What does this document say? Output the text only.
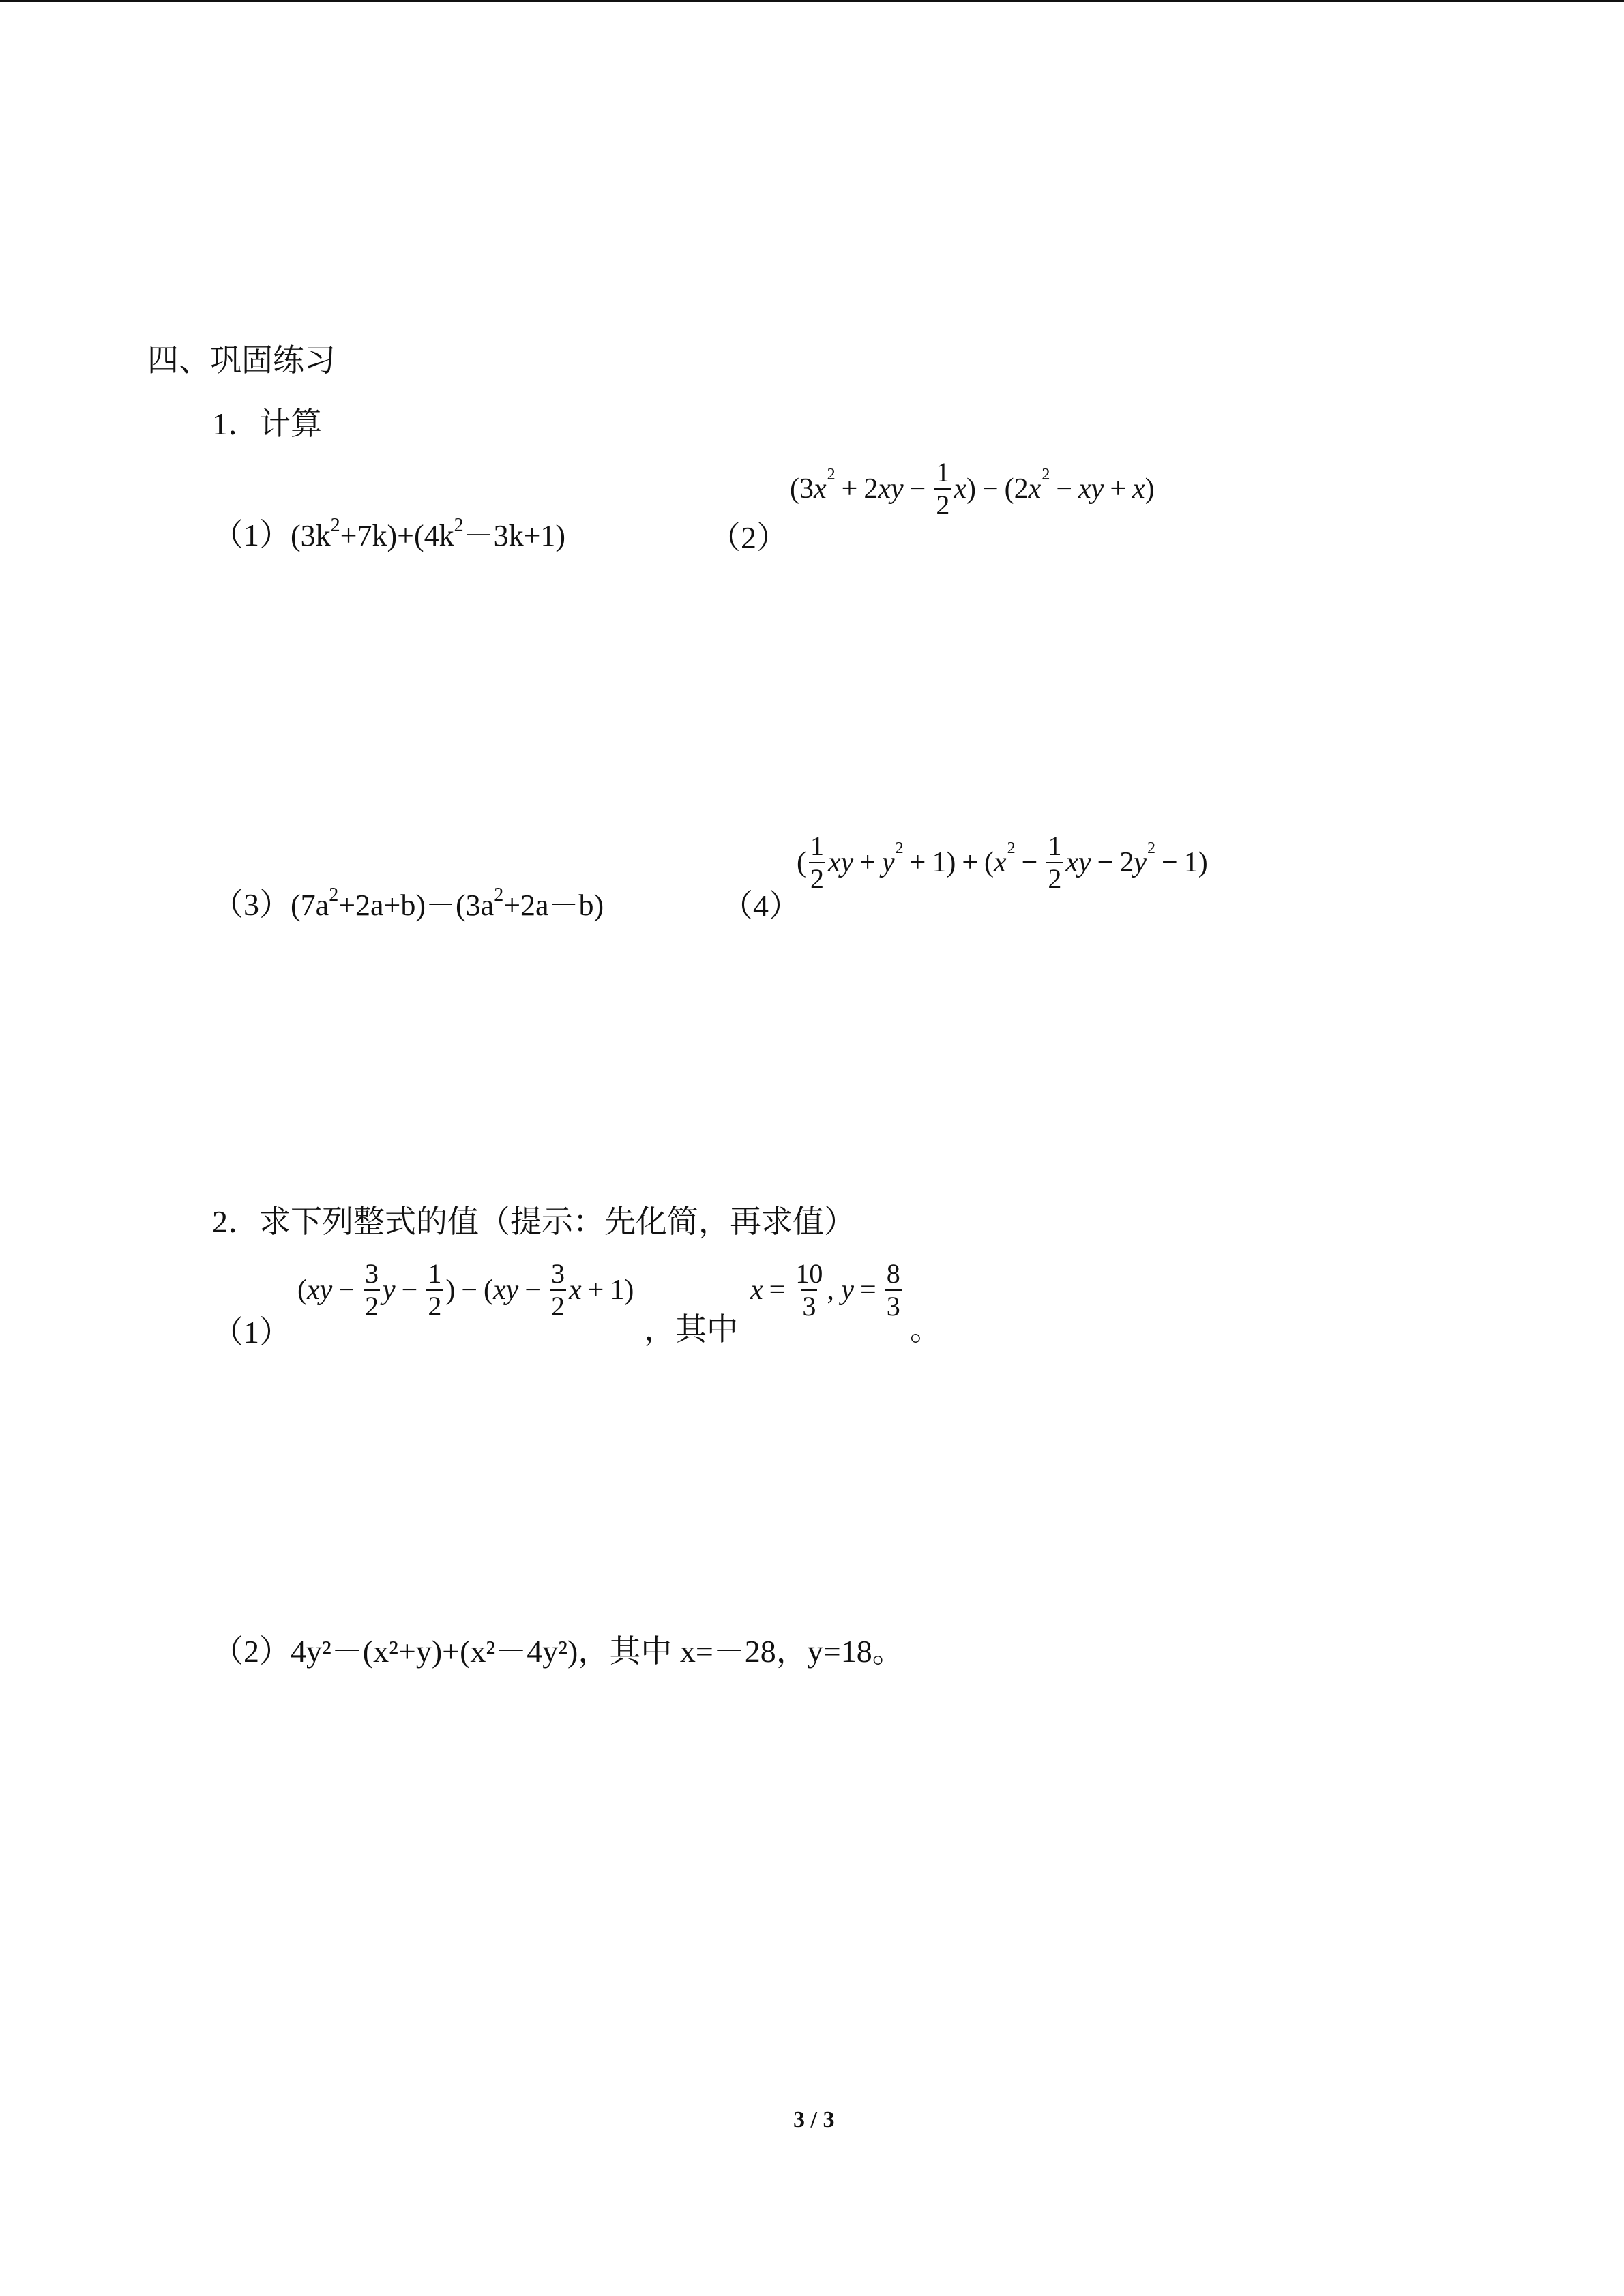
四、巩固练习
1．计算
$(1)(3k^2+7k)+(4k^2-3k+1)$	（2）
(3 x 2 + 2 xy − $\frac{1}{2}$ x ) − (2 x 2 − xy + x )
$(3)(7a^2+2a+b)-(3a^2+2a-b)$	（4）
( $\frac{1}{2}$ xy + y 2 + 1) + ( x $2 - \frac{1}{2}$ xy − 2 y 2 − 1)
2．求下列整式的值（提示：先化简，再求值）
（1）
( xy − $\frac{3}{2}$ $y - \frac{1}{2}$ ) − ( xy − $\frac{3}{2}$ x + 1)
，其中
$x = \frac{10}{3}$ , $y = \frac{8}{3}$
。
（2）4y²－(x²+y)+(x²－4y²)，其中 x=－28，y=18。
3 / 3
